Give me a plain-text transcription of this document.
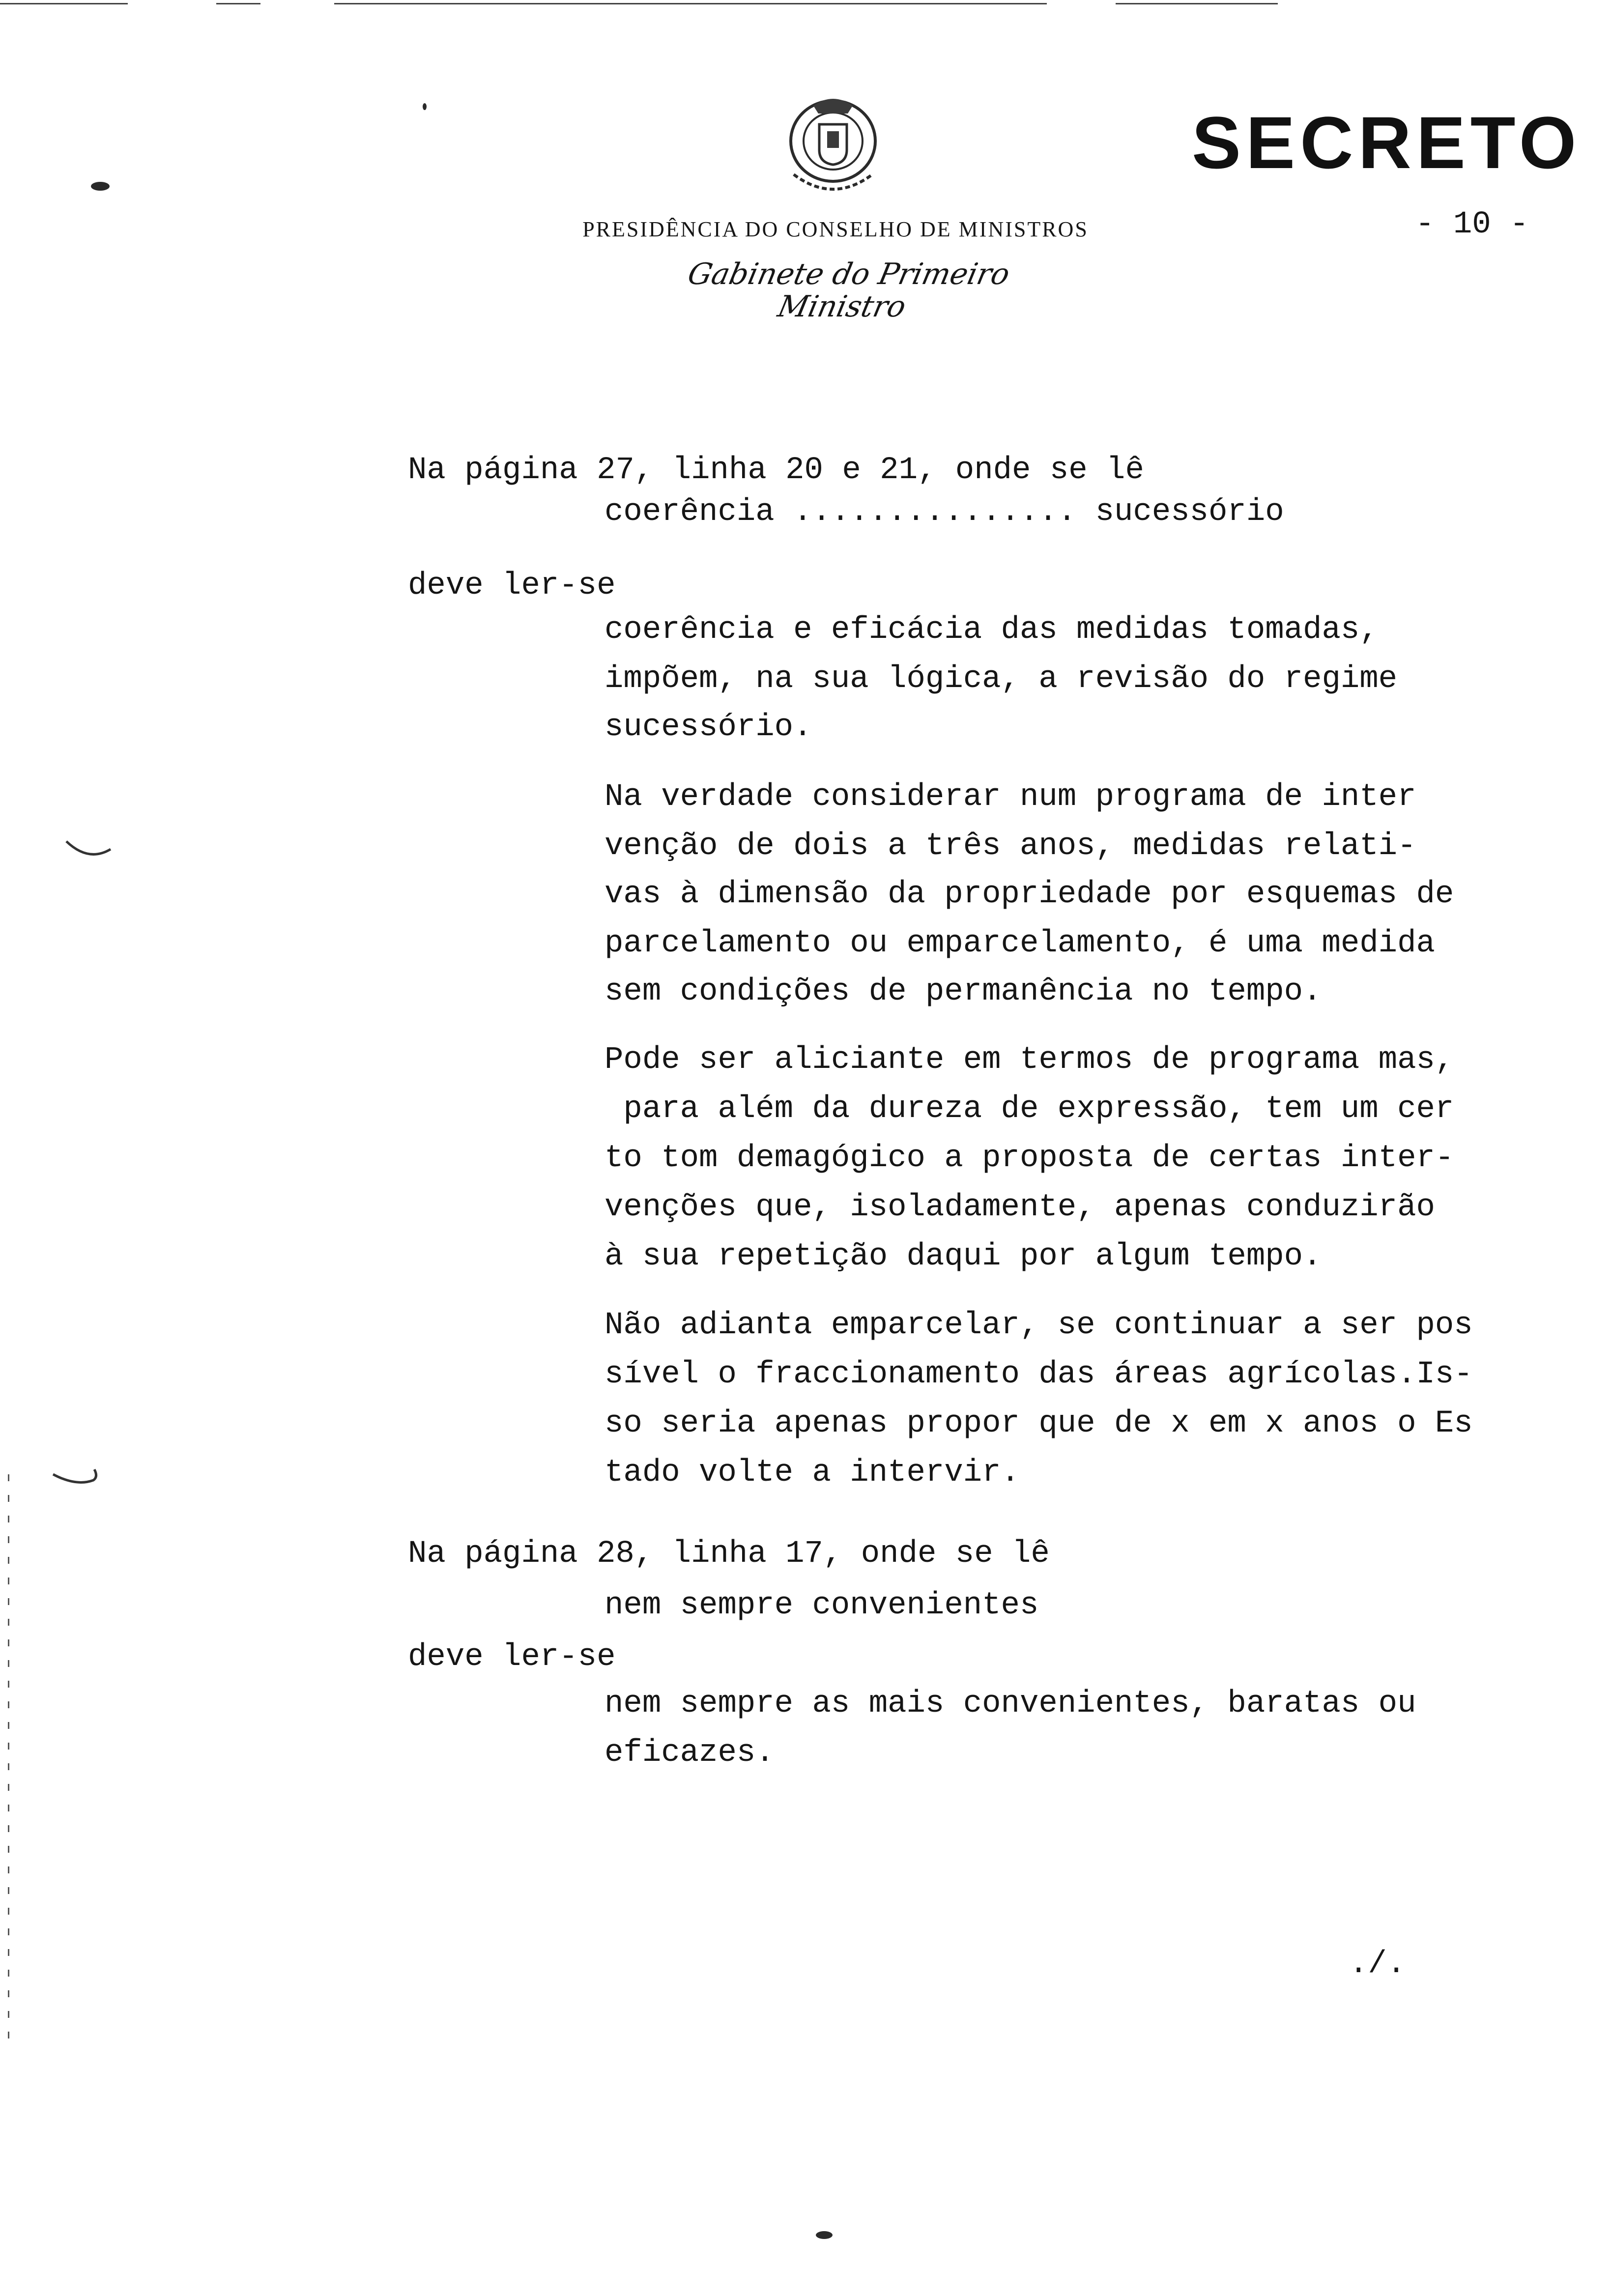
SECRETO
- 10 -
PRESIDÊNCIA DO CONSELHO DE MINISTROS
Gabinete do Primeiro Ministro
Na página 27, linha 20 e 21, onde se lê
coerência ............... sucessório
deve ler-se
coerência e eficácia das medidas tomadas,
impõem, na sua lógica, a revisão do regime
sucessório.
Na verdade considerar num programa de inter
venção de dois a três anos, medidas relati-
vas à dimensão da propriedade por esquemas de
parcelamento ou emparcelamento, é uma medida
sem condições de permanência no tempo.
Pode ser aliciante em termos de programa mas,
para além da dureza de expressão, tem um cer
to tom demagógico a proposta de certas inter-
venções que, isoladamente, apenas conduzirão
à sua repetição daqui por algum tempo.
Não adianta emparcelar, se continuar a ser pos
sível o fraccionamento das áreas agrícolas.Is-
so seria apenas propor que de x em x anos o Es
tado volte a intervir.
Na página 28, linha 17, onde se lê
nem sempre convenientes
deve ler-se
nem sempre as mais convenientes, baratas ou
eficazes.
./.
